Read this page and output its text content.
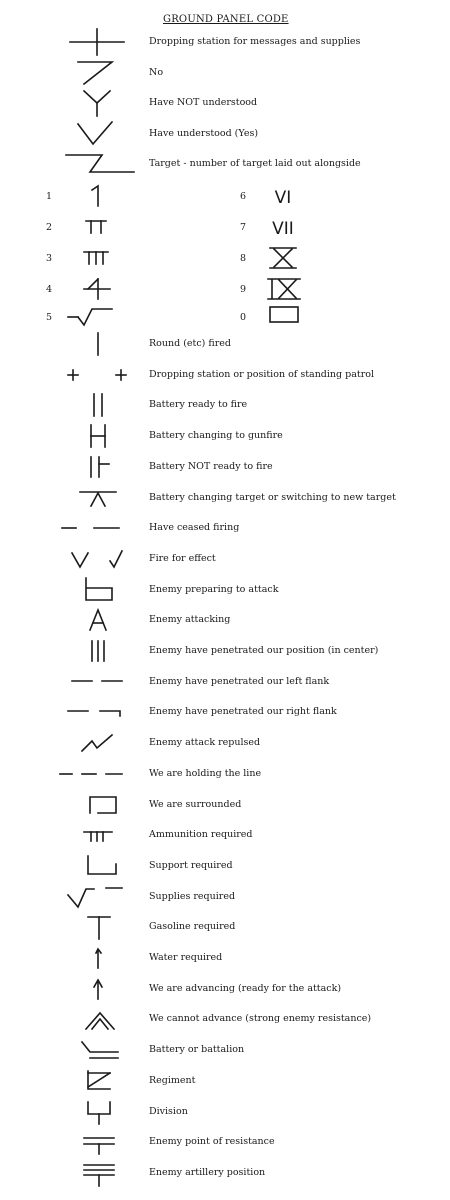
GROUND PANEL CODE
Dropping station for messages and supplies
No
Have NOT understood
Have understood (Yes)
Target - number of target laid out alongside
1
2
3
4
5
6 VI
7 VII
8
9
0
Round (etc) fired
Dropping station or position of standing patrol
Battery ready to fire
Battery changing to gunfire
Battery NOT ready to fire
Battery changing target or switching to new target
Have ceased firing
Fire for effect
Enemy preparing to attack
Enemy attacking
Enemy have penetrated our position (in center)
Enemy have penetrated our left flank
Enemy have penetrated our right flank
Enemy attack repulsed
We are holding the line
We are surrounded
Ammunition required
Support required
Supplies required
Gasoline required
Water required
We are advancing (ready for the attack)
We cannot advance (strong enemy resistance)
Battery or battalion
Regiment
Division
Enemy point of resistance
Enemy artillery position
